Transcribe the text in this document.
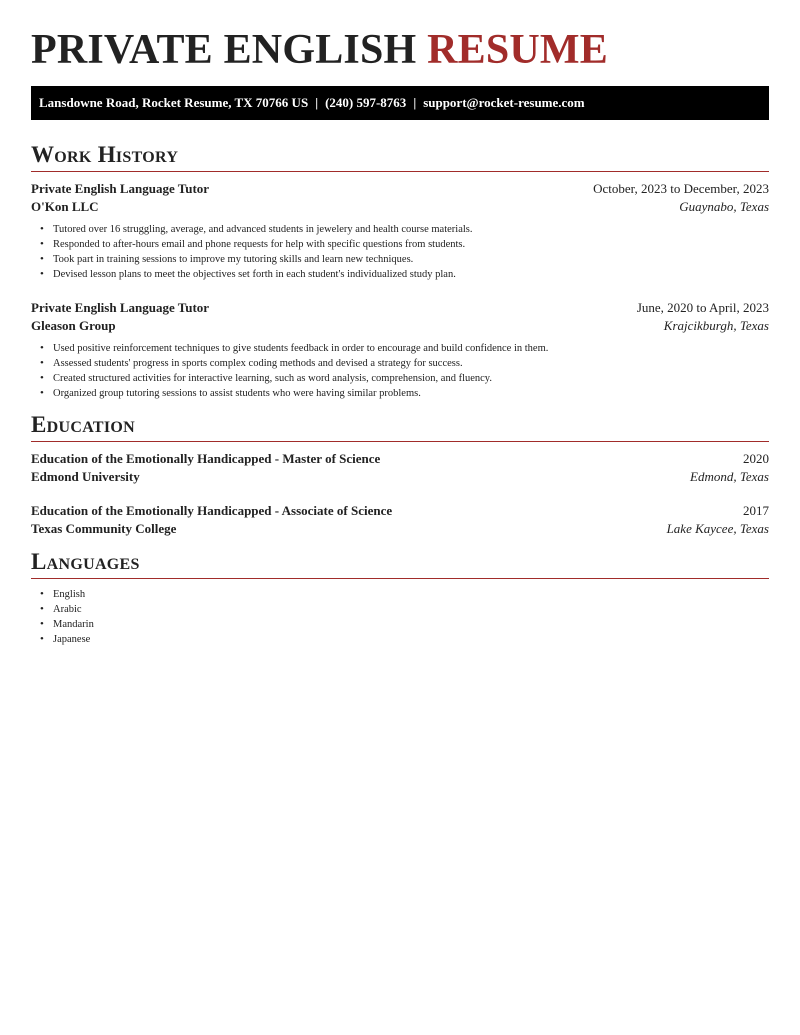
PRIVATE ENGLISH RESUME
Lansdowne Road, Rocket Resume, TX 70766 US | (240) 597-8763 | support@rocket-resume.com
Work History
Private English Language Tutor	October, 2023 to December, 2023
O'Kon LLC	Guaynabo, Texas
• Tutored over 16 struggling, average, and advanced students in jewelery and health course materials.
• Responded to after-hours email and phone requests for help with specific questions from students.
• Took part in training sessions to improve my tutoring skills and learn new techniques.
• Devised lesson plans to meet the objectives set forth in each student's individualized study plan.
Private English Language Tutor	June, 2020 to April, 2023
Gleason Group	Krajcikburgh, Texas
• Used positive reinforcement techniques to give students feedback in order to encourage and build confidence in them.
• Assessed students' progress in sports complex coding methods and devised a strategy for success.
• Created structured activities for interactive learning, such as word analysis, comprehension, and fluency.
• Organized group tutoring sessions to assist students who were having similar problems.
Education
Education of the Emotionally Handicapped - Master of Science	2020
Edmond University	Edmond, Texas
Education of the Emotionally Handicapped - Associate of Science	2017
Texas Community College	Lake Kaycee, Texas
Languages
• English
• Arabic
• Mandarin
• Japanese
